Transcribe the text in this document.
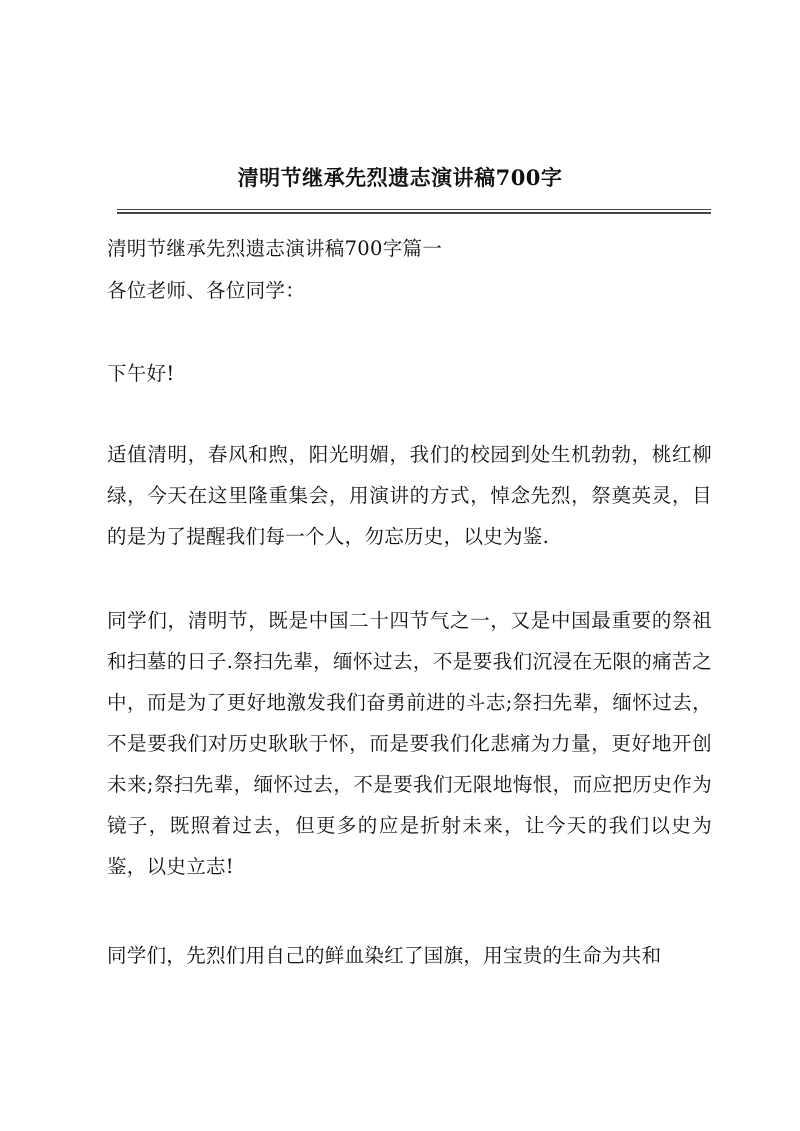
清明节继承先烈遗志演讲稿700字

清明节继承先烈遗志演讲稿700字篇一

各位老师、各位同学：

下午好!

适值清明，春风和煦，阳光明媚，我们的校园到处生机勃勃，桃红柳绿，今天在这里隆重集会，用演讲的方式，悼念先烈，祭奠英灵，目的是为了提醒我们每一个人，勿忘历史，以史为鉴.

同学们，清明节，既是中国二十四节气之一，又是中国最重要的祭祖和扫墓的日子.祭扫先辈，缅怀过去，不是要我们沉浸在无限的痛苦之中，而是为了更好地激发我们奋勇前进的斗志;祭扫先辈，缅怀过去，不是要我们对历史耿耿于怀，而是要我们化悲痛为力量，更好地开创未来;祭扫先辈，缅怀过去，不是要我们无限地悔恨，而应把历史作为镜子，既照着过去，但更多的应是折射未来，让今天的我们以史为鉴，以史立志!

同学们，先烈们用自己的鲜血染红了国旗，用宝贵的生命为共和
